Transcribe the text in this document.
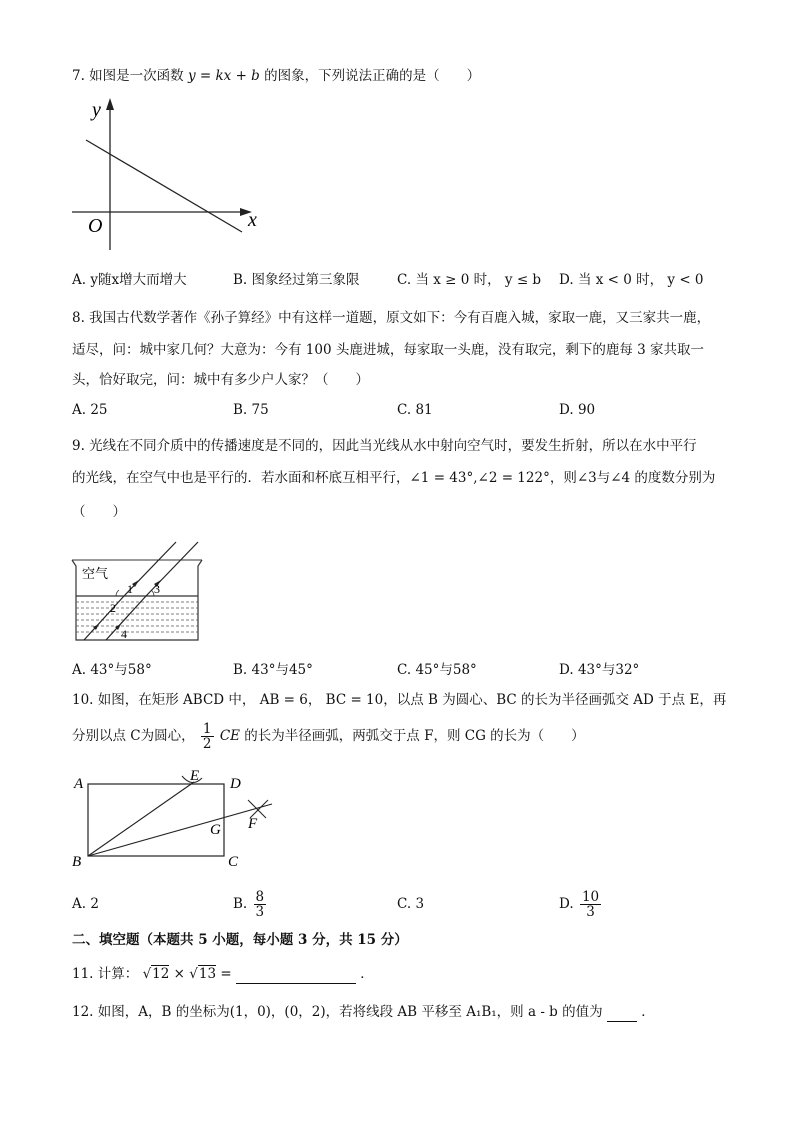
7. 如图是一次函数 y = kx + b 的图象，下列说法正确的是（　　）
y
x
O
A. y随x增大而增大	B. 图象经过第三象限	C. 当 x ≥ 0 时， y ≤ b D. 当 x < 0 时， y < 0
8. 我国古代数学著作《孙子算经》中有这样一道题，原文如下：今有百鹿入城，家取一鹿，又三家共一鹿，
适尽，问：城中家几何？大意为：今有 100 头鹿进城，每家取一头鹿，没有取完，剩下的鹿每 3 家共取一
头，恰好取完，问：城中有多少户人家？（　　）
A. 25	B. 75	C. 81	D. 90
9. 光线在不同介质中的传播速度是不同的，因此当光线从水中射向空气时，要发生折射，所以在水中平行
的光线，在空气中也是平行的．若水面和杯底互相平行，∠1 = 43°,∠2 = 122°，则∠3与∠4 的度数分别为
（　　）
空气
1 3
2
4
A. 43°与58°	B. 43°与45°	C. 45°与58°	D. 43°与32°
10. 如图，在矩形 ABCD 中， AB = 6， BC = 10，以点 B 为圆心、BC 的长为半径画弧交 AD 于点 E，再
分别以点 C为圆心， $\frac{1}{2}$ CE 的长为半径画弧，两弧交于点 F，则 CG 的长为（　　）
A	E D
G F
B	C
A. 2	B. $\frac{8}{3}$	C. 3	D. $\frac{10}{3}$
二、填空题（本题共 5 小题，每小题 3 分，共 15 分）
11. 计算： √12 × √13 =	．
12. 如图，A，B 的坐标为(1，0)，(0，2)，若将线段 AB 平移至 A₁B₁，则 a - b 的值为	．
